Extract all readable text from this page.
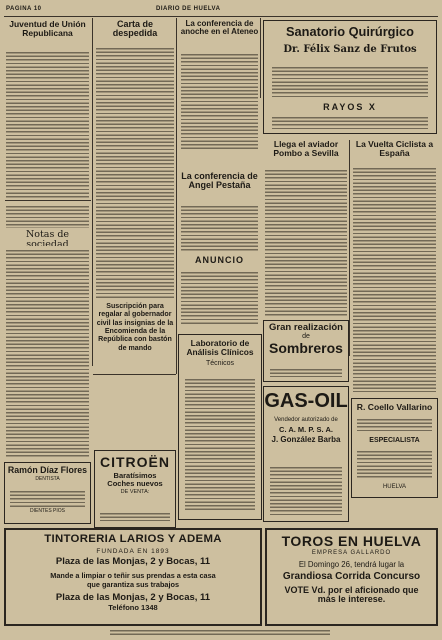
PAGINA 10	DIARIO DE HUELVA
Juventud de Unión Republicana
Notas de sociedad
Ramón Díaz Flores
DENTISTA
DIENTES PIOS
Carta de despedida
Suscripción para regalar al gobernador civil las insignias de la Encomienda de la República con bastón de mando
CITROËN
Baratísimos
Coches nuevos
DE VENTA:
La conferencia de anoche en el Ateneo
La conferencia de Angel Pestaña
ANUNCIO
Laboratorio de Análisis Clínicos
Técnicos
Sanatorio Quirúrgico
Dr. Félix Sanz de Frutos
RAYOS X
Llega el aviador Pombo a Sevilla
Gran realización
de
Sombreros
GAS-OIL
Vendedor autorizado de
C. A. M. P. S. A.
J. González Barba
La Vuelta Ciclista a España
R. Coello Vallarino
ESPECIALISTA
HUELVA
TINTORERIA LARIOS Y ADEMA
FUNDADA EN 1893
Plaza de las Monjas, 2 y Bocas, 11
Mande a limpiar o teñir sus prendas a esta casa
que garantiza sus trabajos
Plaza de las Monjas, 2 y Bocas, 11
Teléfono 1348
TOROS EN HUELVA
EMPRESA GALLARDO
El Domingo 26, tendrá lugar la
Grandiosa Corrida Concurso
VOTE Vd. por el aficionado que más le interese.
